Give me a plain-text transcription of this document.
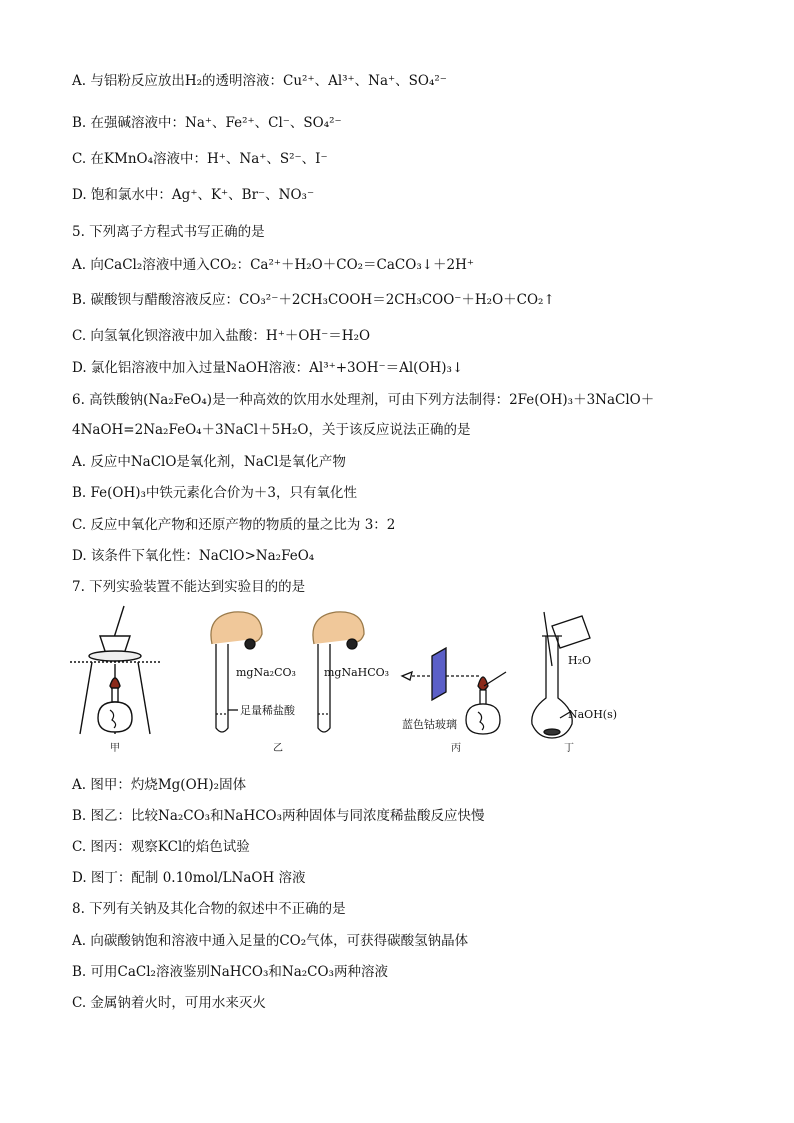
A. 与铝粉反应放出H₂的透明溶液：Cu²⁺、Al³⁺、Na⁺、SO₄²⁻
B. 在强碱溶液中：Na⁺、Fe²⁺、Cl⁻、SO₄²⁻
C. 在KMnO₄溶液中：H⁺、Na⁺、S²⁻、I⁻
D. 饱和氯水中：Ag⁺、K⁺、Br⁻、NO₃⁻
5. 下列离子方程式书写正确的是
A. 向CaCl₂溶液中通入CO₂：Ca²⁺＋H₂O＋CO₂＝CaCO₃↓＋2H⁺
B. 碳酸钡与醋酸溶液反应：CO₃²⁻＋2CH₃COOH＝2CH₃COO⁻＋H₂O＋CO₂↑
C. 向氢氧化钡溶液中加入盐酸：H⁺＋OH⁻＝H₂O
D. 氯化铝溶液中加入过量NaOH溶液：Al³⁺+3OH⁻＝Al(OH)₃↓
6. 高铁酸钠(Na₂FeO₄)是一种高效的饮用水处理剂，可由下列方法制得：2Fe(OH)₃＋3NaClO＋
4NaOH=2Na₂FeO₄＋3NaCl＋5H₂O，关于该反应说法正确的是
A. 反应中NaClO是氧化剂，NaCl是氧化产物
B. Fe(OH)₃中铁元素化合价为＋3，只有氧化性
C. 反应中氧化产物和还原产物的物质的量之比为 3：2
D. 该条件下氧化性：NaClO>Na₂FeO₄
7. 下列实验装置不能达到实验目的的是
甲
mgNa₂CO₃	mgNaHCO₃
足量稀盐酸
乙
蓝色钴玻璃
丙
H₂O
NaOH(s)
丁
A. 图甲：灼烧Mg(OH)₂固体
B. 图乙：比较Na₂CO₃和NaHCO₃两种固体与同浓度稀盐酸反应快慢
C. 图丙：观察KCl的焰色试验
D. 图丁：配制 0.10mol/LNaOH 溶液
8. 下列有关钠及其化合物的叙述中不正确的是
A. 向碳酸钠饱和溶液中通入足量的CO₂气体，可获得碳酸氢钠晶体
B. 可用CaCl₂溶液鉴别NaHCO₃和Na₂CO₃两种溶液
C. 金属钠着火时，可用水来灭火
